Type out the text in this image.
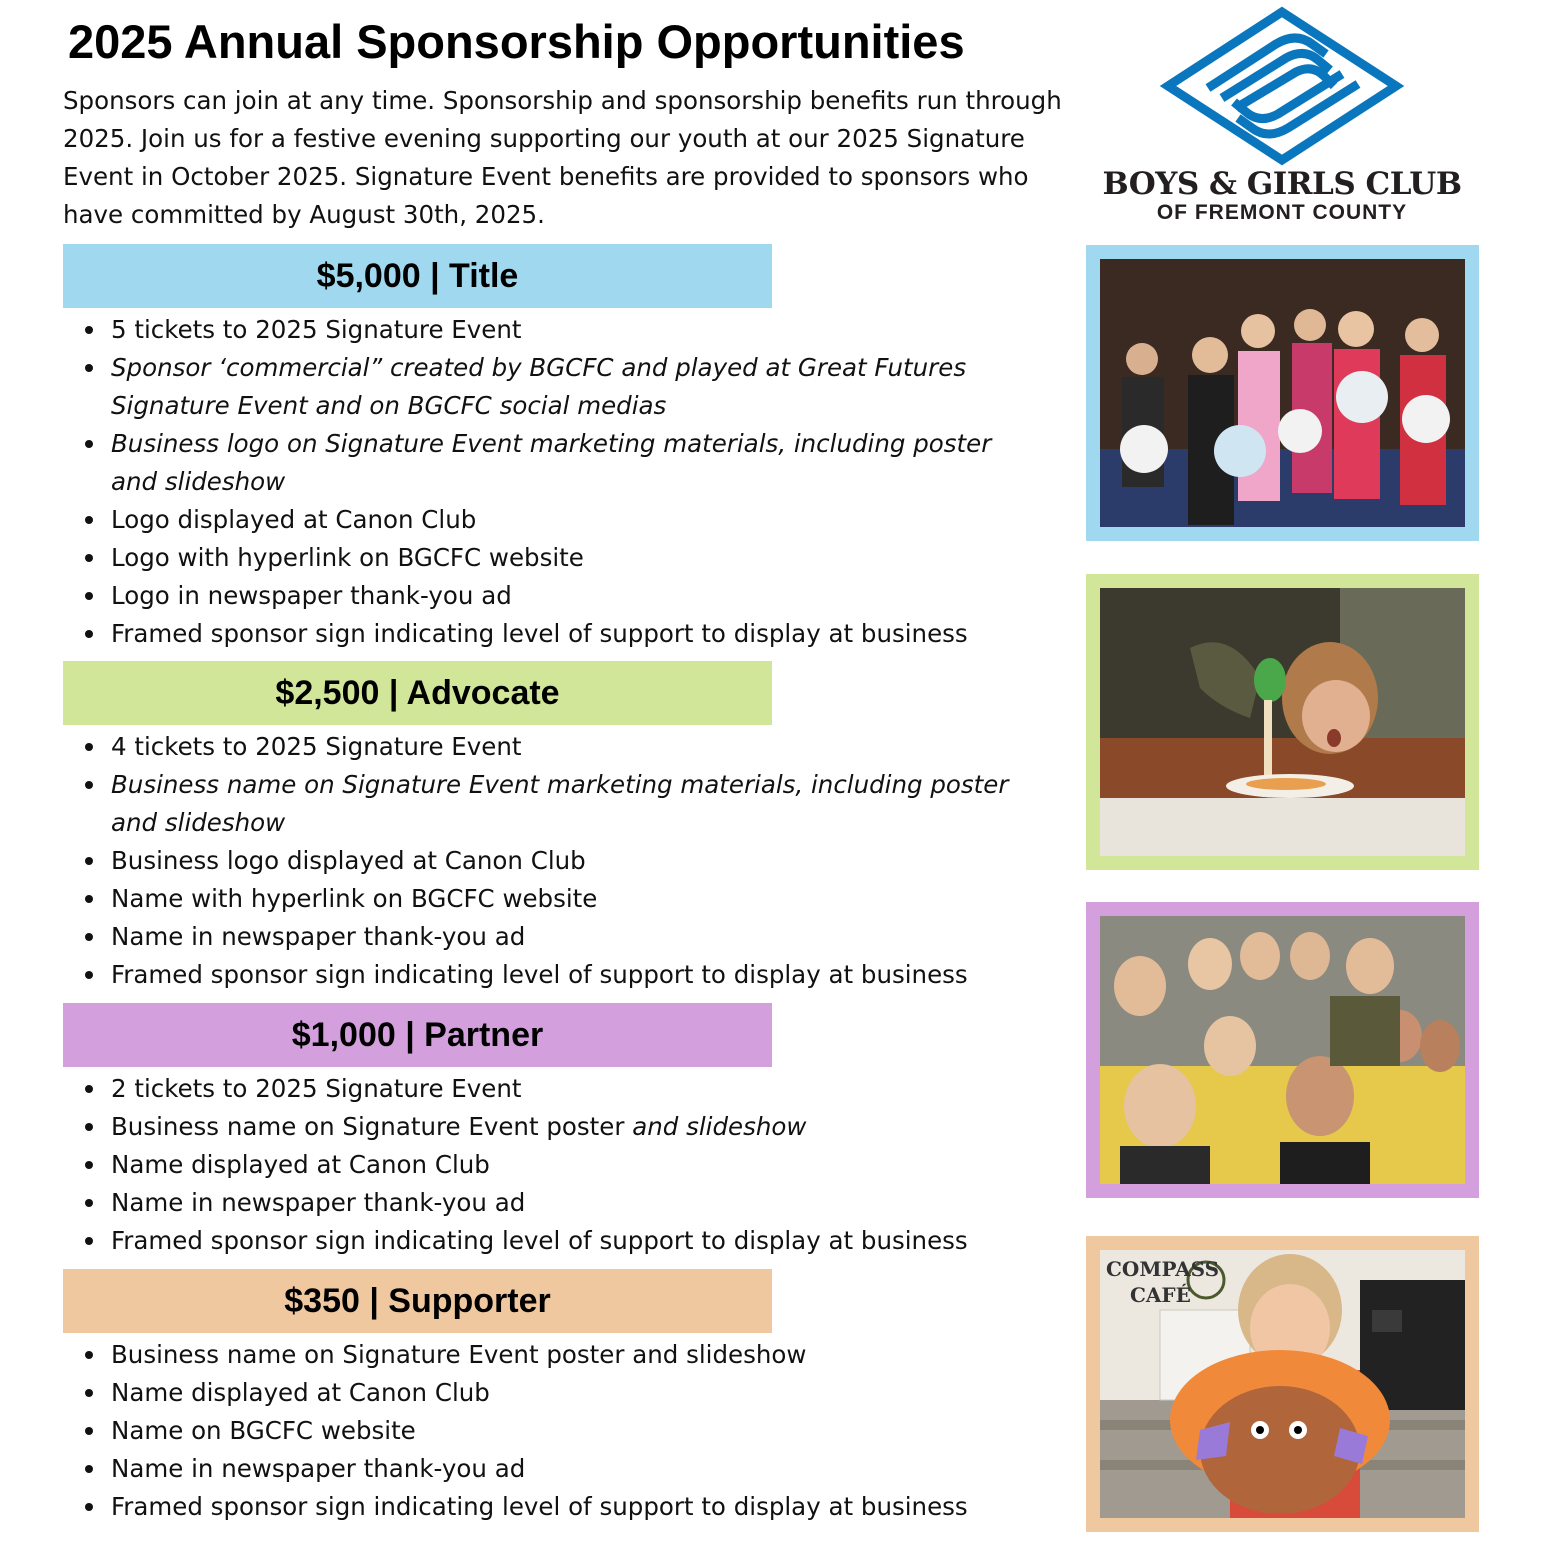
2025 Annual Sponsorship Opportunities

Sponsors can join at any time. Sponsorship and sponsorship benefits run through 2025. Join us for a festive evening supporting our youth at our 2025 Signature Event in October 2025. Signature Event benefits are provided to sponsors who have committed by August 30th, 2025.

BOYS & GIRLS CLUB
OF FREMONT COUNTY
$5,000 | Title
5 tickets to 2025 Signature Event
Sponsor ‘commercial” created by BGCFC and played at Great Futures Signature Event and on BGCFC social medias
Business logo on Signature Event marketing materials, including poster and slideshow
Logo displayed at Canon Club
Logo with hyperlink on BGCFC website
Logo in newspaper thank-you ad
Framed sponsor sign indicating level of support to display at business
$2,500 | Advocate
4 tickets to 2025 Signature Event
Business name on Signature Event marketing materials, including poster and slideshow
Business logo displayed at Canon Club
Name with hyperlink on BGCFC website
Name in newspaper thank-you ad
Framed sponsor sign indicating level of support to display at business
$1,000 | Partner
2 tickets to 2025 Signature Event
Business name on Signature Event poster and slideshow
Name displayed at Canon Club
Name in newspaper thank-you ad
Framed sponsor sign indicating level of support to display at business
$350 | Supporter
Business name on Signature Event poster and slideshow
Name displayed at Canon Club
Name on BGCFC website
Name in newspaper thank-you ad
Framed sponsor sign indicating level of support to display at business
COMPASS
CAFÉ
